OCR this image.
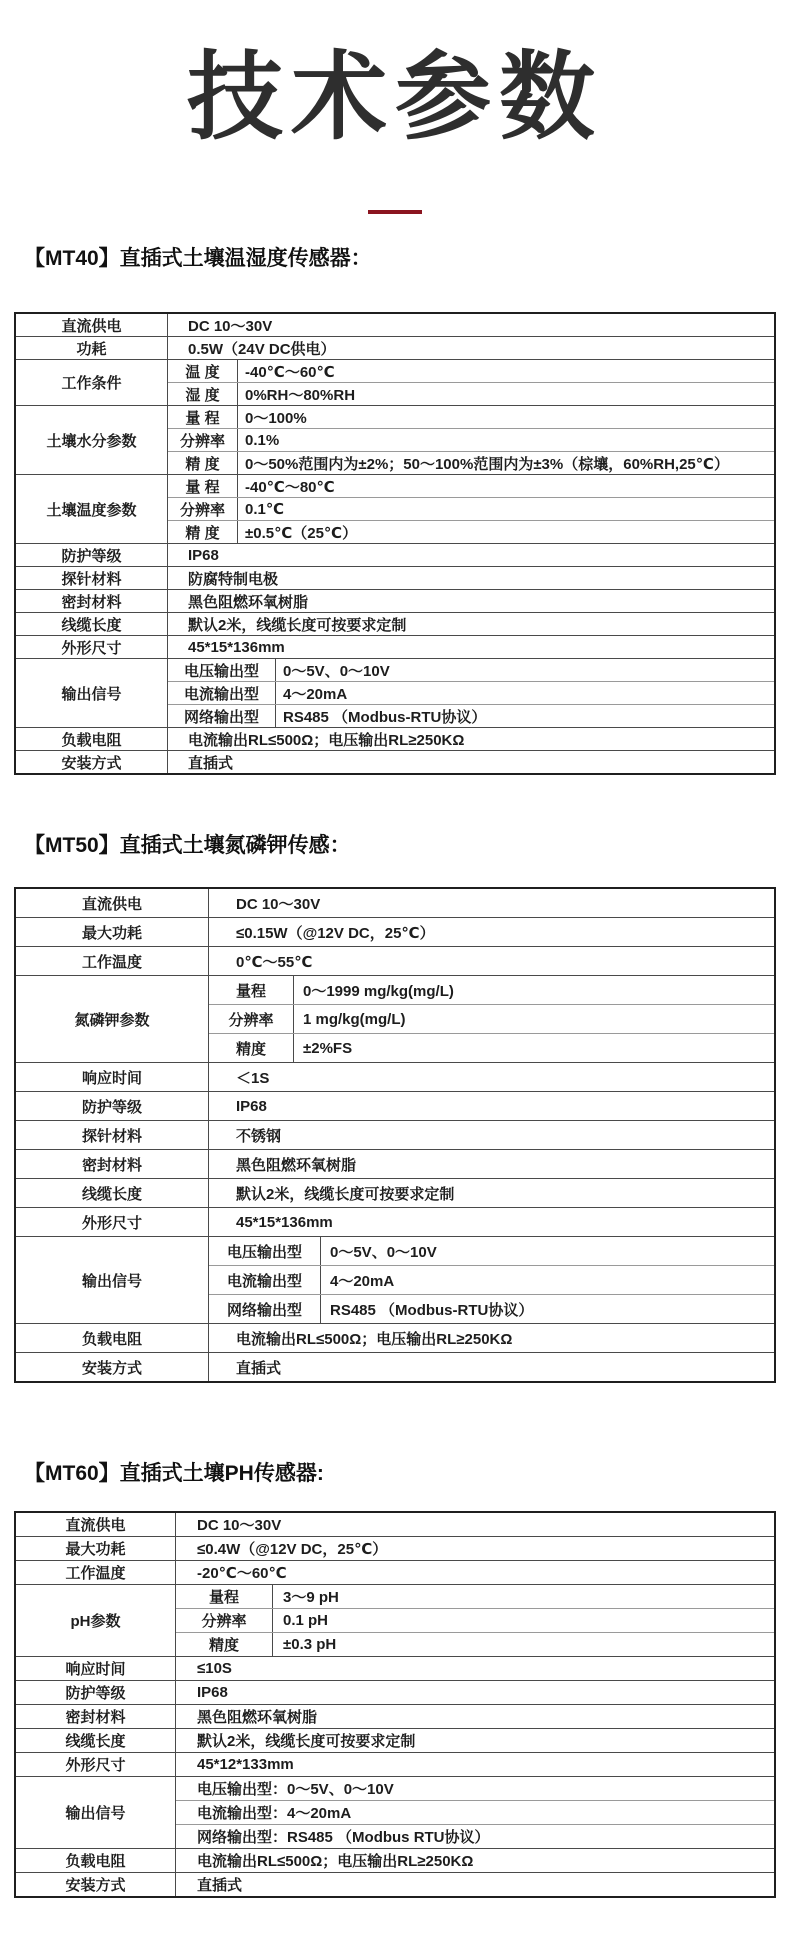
技术参数
【MT40】直插式土壤温湿度传感器：
直流供电	DC 10～30V
功耗	0.5W（24V DC供电）
工作条件
温 度	-40℃～60℃
湿 度	0%RH～80%RH
土壤水分参数
量 程	0～100%
分辨率	0.1%
精 度	0～50%范围内为±2%；50～100%范围内为±3%（棕壤，60%RH,25℃）
土壤温度参数
量 程	-40℃～80℃
分辨率	0.1℃
精 度	±0.5℃（25℃）
防护等级	IP68
探针材料	防腐特制电极
密封材料	黑色阻燃环氧树脂
线缆长度	默认2米，线缆长度可按要求定制
外形尺寸	45*15*136mm
输出信号
电压输出型	0～5V、0～10V
电流输出型	4～20mA
网络输出型	RS485 （Modbus-RTU协议）
负载电阻	电流输出RL≤500Ω；电压输出RL≥250KΩ
安装方式	直插式
【MT50】直插式土壤氮磷钾传感：
直流供电	DC 10～30V
最大功耗	≤0.15W（@12V DC，25℃）
工作温度	0℃～55℃
氮磷钾参数
量程	0～1999 mg/kg(mg/L)
分辨率	1 mg/kg(mg/L)
精度	±2%FS
响应时间	＜1S
防护等级	IP68
探针材料	不锈钢
密封材料	黑色阻燃环氧树脂
线缆长度	默认2米，线缆长度可按要求定制
外形尺寸	45*15*136mm
输出信号
电压输出型	0～5V、0～10V
电流输出型	4～20mA
网络输出型	RS485 （Modbus-RTU协议）
负载电阻	电流输出RL≤500Ω；电压输出RL≥250KΩ
安装方式	直插式
【MT60】直插式土壤PH传感器:
直流供电	DC 10～30V
最大功耗	≤0.4W（@12V DC，25℃）
工作温度	-20℃～60℃
pH参数
量程	3～9 pH
分辨率	0.1 pH
精度	±0.3 pH
响应时间	≤10S
防护等级	IP68
密封材料	黑色阻燃环氧树脂
线缆长度	默认2米，线缆长度可按要求定制
外形尺寸	45*12*133mm
输出信号
电压输出型：0～5V、0～10V
电流输出型：4～20mA
网络输出型：RS485 （Modbus RTU协议）
负载电阻	电流输出RL≤500Ω；电压输出RL≥250KΩ
安装方式	直插式
